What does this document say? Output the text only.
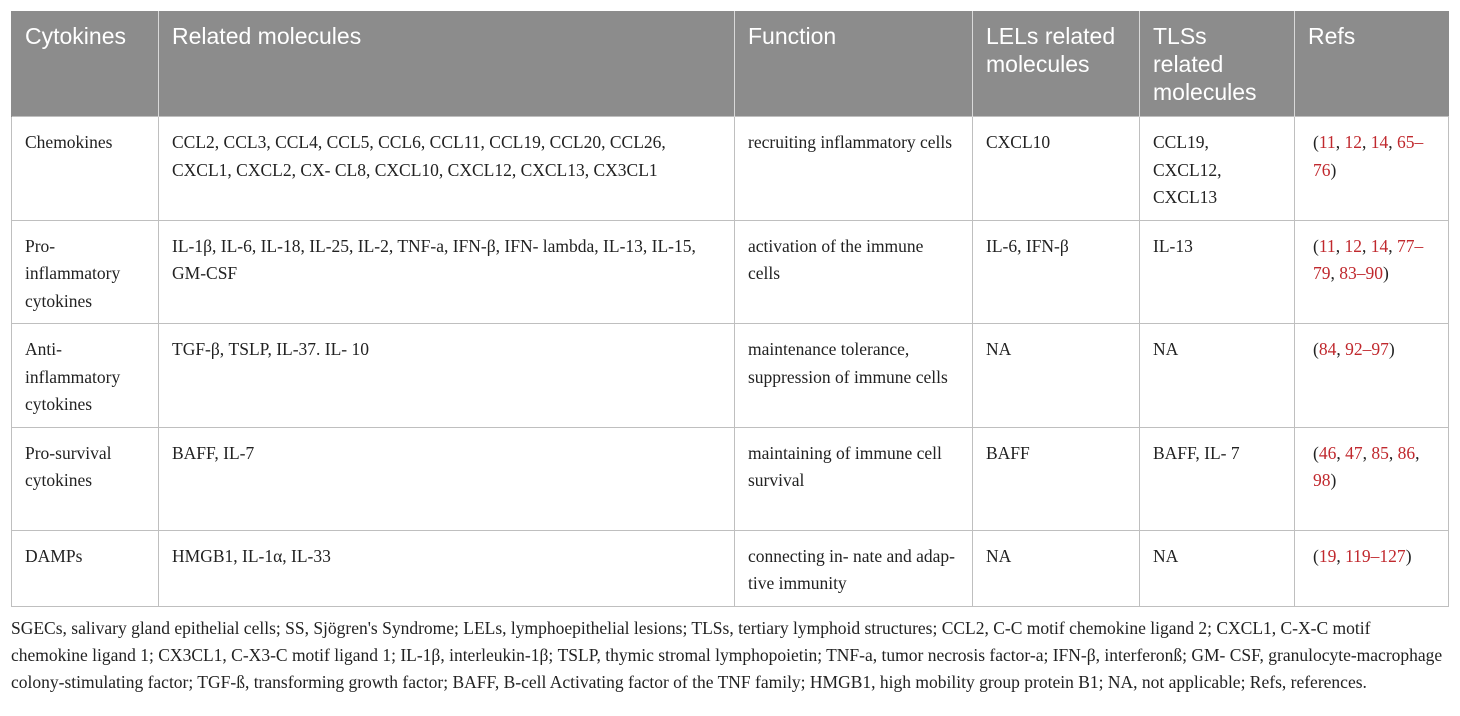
Cytokines	Related molecules	Function	LELs related molecules	TLSs related molecules	Refs
Chemokines	CCL2, CCL3, CCL4, CCL5, CCL6, CCL11, CCL19, CCL20, CCL26, CXCL1, CXCL2, CX- CL8, CXCL10, CXCL12, CXCL13, CX3CL1	recruiting inflammatory cells	CXCL10	CCL19, CXCL12, CXCL13	(11, 12, 14, 65–76)
Pro-inflammatory cytokines	IL-1β, IL-6, IL-18, IL-25, IL-2, TNF-a, IFN-β, IFN- lambda, IL-13, IL-15, GM-CSF	activation of the immune cells	IL-6, IFN-β	IL-13	(11, 12, 14, 77–79, 83–90)
Anti-inflammatory cytokines	TGF-β, TSLP, IL-37. IL- 10	maintenance tolerance, suppression of immune cells	NA	NA	(84, 92–97)
Pro-survival cytokines	BAFF, IL-7	maintaining of immune cell survival	BAFF	BAFF, IL- 7	(46, 47, 85, 86, 98)
DAMPs	HMGB1, IL-1α, IL-33	connecting in- nate and adap- tive immunity	NA	NA	(19, 119–127)
SGECs, salivary gland epithelial cells; SS, Sjögren's Syndrome; LELs, lymphoepithelial lesions; TLSs, tertiary lymphoid structures; CCL2, C-C motif chemokine ligand 2; CXCL1, C-X-C motif chemokine ligand 1; CX3CL1, C-X3-C motif ligand 1; IL-1β, interleukin-1β; TSLP, thymic stromal lymphopoietin; TNF-a, tumor necrosis factor-a; IFN-β, interferonß; GM- CSF, granulocyte-macrophage colony-stimulating factor; TGF-ß, transforming growth factor; BAFF, B-cell Activating factor of the TNF family; HMGB1, high mobility group protein B1; NA, not applicable; Refs, references.
